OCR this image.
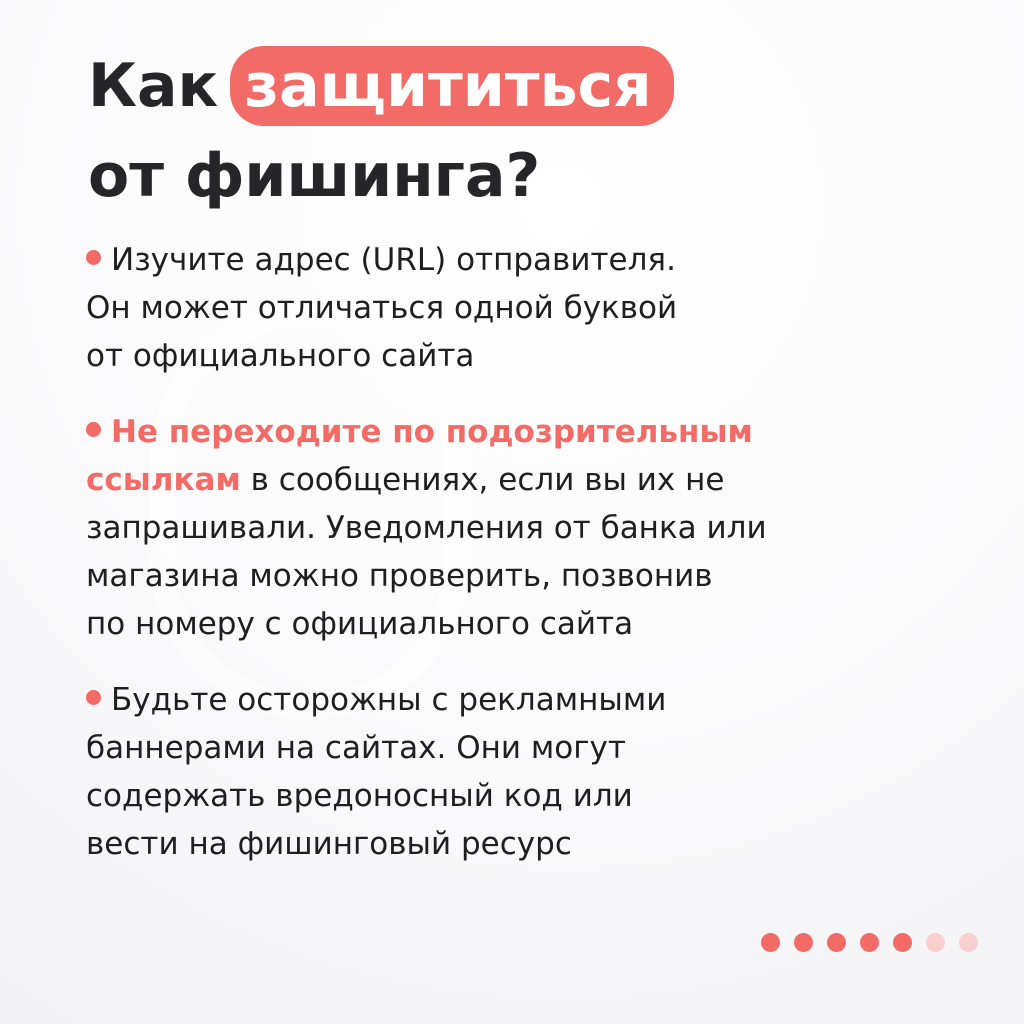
Как защититься
от фишинга?

Изучите адрес (URL) отправителя.

Он может отличаться одной буквой

от официального сайта

Не переходите по подозрительным

ссылкам в сообщениях, если вы их не

запрашивали. Уведомления от банка или

магазина можно проверить, позвонив

по номеру с официального сайта

Будьте осторожны с рекламными

баннерами на сайтах. Они могут

содержать вредоносный код или

вести на фишинговый ресурс
